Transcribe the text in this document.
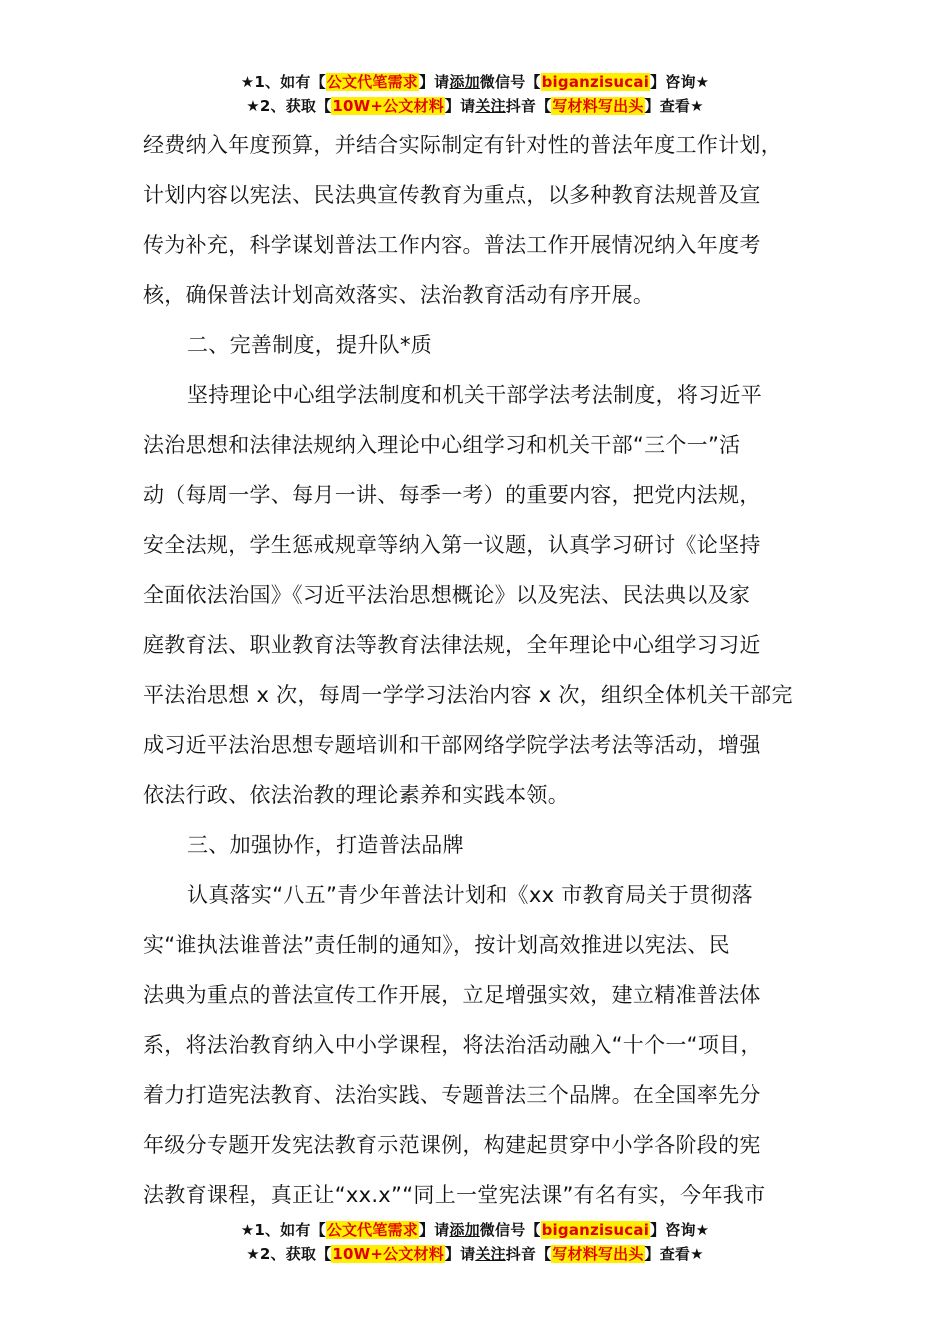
★1、如有【公文代笔需求】请添加微信号【biganzisucai】咨询★
★2、获取【10W+公文材料】请关注抖音【写材料写出头】查看★
经费纳入年度预算，并结合实际制定有针对性的普法年度工作计划，
计划内容以宪法、民法典宣传教育为重点，以多种教育法规普及宣
传为补充，科学谋划普法工作内容。普法工作开展情况纳入年度考
核，确保普法计划高效落实、法治教育活动有序开展。
二、完善制度，提升队*质
坚持理论中心组学法制度和机关干部学法考法制度，将习近平
法治思想和法律法规纳入理论中心组学习和机关干部“三个一”活
动（每周一学、每月一讲、每季一考）的重要内容，把党内法规，
安全法规，学生惩戒规章等纳入第一议题，认真学习研讨《论坚持
全面依法治国》《习近平法治思想概论》以及宪法、民法典以及家
庭教育法、职业教育法等教育法律法规，全年理论中心组学习习近
平法治思想 x 次，每周一学学习法治内容 x 次，组织全体机关干部完
成习近平法治思想专题培训和干部网络学院学法考法等活动，增强
依法行政、依法治教的理论素养和实践本领。
三、加强协作，打造普法品牌
认真落实“八五”青少年普法计划和《xx 市教育局关于贯彻落
实“谁执法谁普法”责任制的通知》，按计划高效推进以宪法、民
法典为重点的普法宣传工作开展，立足增强实效，建立精准普法体
系，将法治教育纳入中小学课程，将法治活动融入“十个一“项目，
着力打造宪法教育、法治实践、专题普法三个品牌。在全国率先分
年级分专题开发宪法教育示范课例，构建起贯穿中小学各阶段的宪
法教育课程，真正让“xx.x”“同上一堂宪法课”有名有实，今年我市
★1、如有【公文代笔需求】请添加微信号【biganzisucai】咨询★
★2、获取【10W+公文材料】请关注抖音【写材料写出头】查看★
